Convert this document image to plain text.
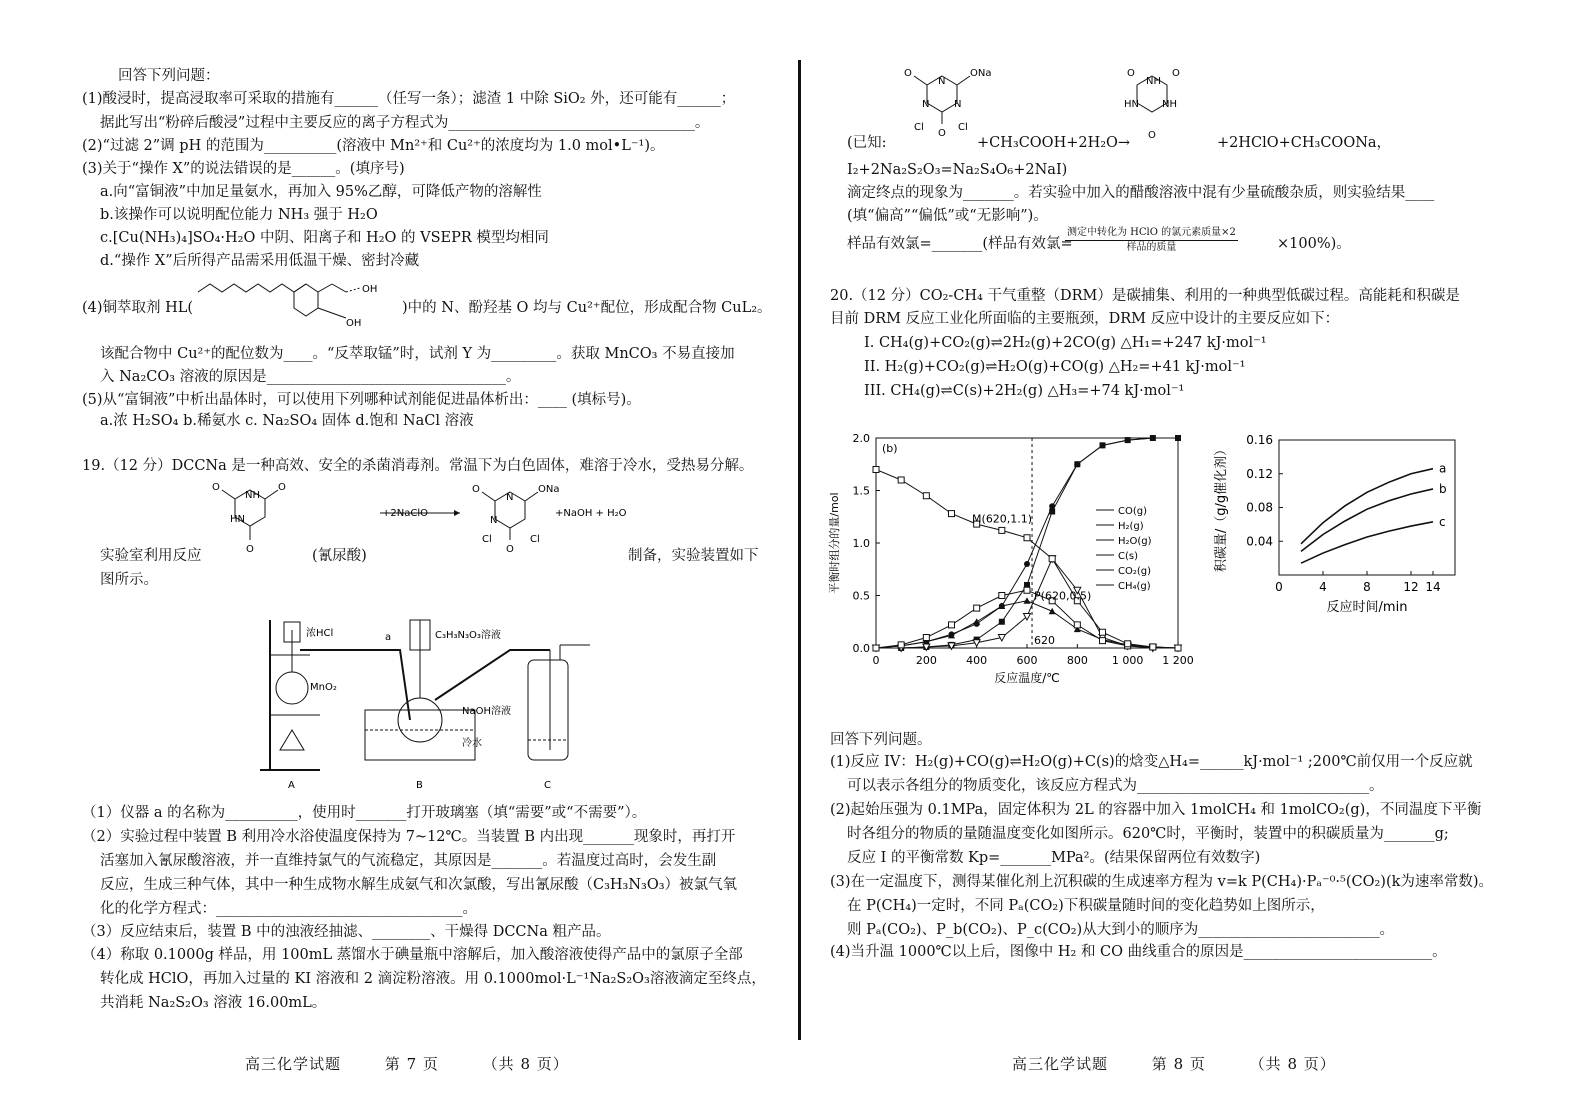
回答下列问题：
(1)酸浸时，提高浸取率可采取的措施有______（任写一条）；滤渣 1 中除 SiO₂ 外，还可能有______；
据此写出“粉碎后酸浸”过程中主要反应的离子方程式为__________________________________。
(2)“过滤 2”调 pH 的范围为__________(溶液中 Mn²⁺和 Cu²⁺的浓度均为 1.0 mol•L⁻¹)。
(3)关于“操作 X”的说法错误的是______。(填序号)
a.向“富铜液”中加足量氨水，再加入 95%乙醇，可降低产物的溶解性
b.该操作可以说明配位能力 NH₃ 强于 H₂O
c.[Cu(NH₃)₄]SO₄·H₂O 中阴、阳离子和 H₂O 的 VSEPR 模型均相同
d.“操作 X”后所得产品需采用低温干燥、密封冷藏
(4)铜萃取剂 HL(
OH
OH
)中的 N、酚羟基 O 均与 Cu²⁺配位，形成配合物 CuL₂。
该配合物中 Cu²⁺的配位数为____。“反萃取锰”时，试剂 Y 为_________。获取 MnCO₃ 不易直接加
入 Na₂CO₃ 溶液的原因是_________________________________。
(5)从“富铜液”中析出晶体时，可以使用下列哪种试剂能促进晶体析出：____ (填标号)。
a.浓 H₂SO₄ b.稀氨水 c. Na₂SO₄ 固体 d.饱和 NaCl 溶液
19.（12 分）DCCNa 是一种高效、安全的杀菌消毒剂。常温下为白色固体，难溶于冷水，受热易分解。
NH
HN
O	O
O
+2NaClO
N
N
O	ONa
O
Cl	Cl
+NaOH + H₂O
实验室利用反应	(氰尿酸)	制备，实验装置如下
图所示。
浓HCl
MnO₂
A
a	C₃H₃N₃O₃溶液
NaOH溶液
冷水
B	C
（1）仪器 a 的名称为__________，使用时_______打开玻璃塞（填“需要”或“不需要”）。
（2）实验过程中装置 B 利用冷水浴使温度保持为 7~12℃。当装置 B 内出现_______现象时，再打开
活塞加入氰尿酸溶液，并一直维持氯气的气流稳定，其原因是_______。若温度过高时，会发生副
反应，生成三种气体，其中一种生成物水解生成氨气和次氯酸，写出氰尿酸（C₃H₃N₃O₃）被氯气氧
化的化学方程式：__________________________________。
（3）反应结束后，装置 B 中的浊液经抽滤、________、干燥得 DCCNa 粗产品。
（4）称取 0.1000g 样品，用 100mL 蒸馏水于碘量瓶中溶解后，加入酸溶液使得产品中的氯原子全部
转化成 HClO，再加入过量的 KI 溶液和 2 滴淀粉溶液。用 0.1000mol·L⁻¹Na₂S₂O₃溶液滴定至终点，
共消耗 Na₂S₂O₃ 溶液 16.00mL。
高三化学试题	第 7 页	（共 8 页）
N
N N
O	ONa
O
Cl	Cl
NH
HN NH
O	O
O
(已知:	+CH₃COOH+2H₂O→	+2HClO+CH₃COONa，
I₂+2Na₂S₂O₃=Na₂S₄O₆+2NaI)
滴定终点的现象为_______。若实验中加入的醋酸溶液中混有少量硫酸杂质，则实验结果____
(填“偏高”“偏低”或“无影响”)。
样品有效氯=_______(样品有效氯=
测定中转化为 HClO 的氯元素质量×2
样品的质量	×100%)。
20.（12 分）CO₂-CH₄ 干气重整（DRM）是碳捕集、利用的一种典型低碳过程。高能耗和积碳是
目前 DRM 反应工业化所面临的主要瓶颈，DRM 反应中设计的主要反应如下：
I. CH₄(g)+CO₂(g)⇌2H₂(g)+2CO(g) △H₁=+247 kJ·mol⁻¹
II. H₂(g)+CO₂(g)⇌H₂O(g)+CO(g) △H₂=+41 kJ·mol⁻¹
III. CH₄(g)⇌C(s)+2H₂(g) △H₃=+74 kJ·mol⁻¹
0	200	400	600	800 1 000 1 200
0.0
0.5
1.0
1.5
2.0
(b)
反应温度/℃
平衡时组分的量/mol	CO(g)
H₂(g)
H₂O(g)
C(s)
CO₂(g)
CH₄(g)
M(620,1.1)
P(620,0.5)
620
0	4	8	12 14
0.04
0.08
0.12
0.16
反应时间/min
积碳量/（g/g催化剂）	a
b
c
回答下列问题。
(1)反应 IV：H₂(g)+CO(g)⇌H₂O(g)+C(s)的焓变△H₄=______kJ·mol⁻¹ ;200℃前仅用一个反应就
可以表示各组分的物质变化，该反应方程式为________________________________。
(2)起始压强为 0.1MPa，固定体积为 2L 的容器中加入 1molCH₄ 和 1molCO₂(g)，不同温度下平衡
时各组分的物质的量随温度变化如图所示。620℃时，平衡时，装置中的积碳质量为_______g;
反应 I 的平衡常数 Kp=_______MPa²。(结果保留两位有效数字)
(3)在一定温度下，测得某催化剂上沉积碳的生成速率方程为 v=k P(CH₄)·Pₐ⁻⁰·⁵(CO₂)(k为速率常数)。
在 P(CH₄)一定时，不同 Pₐ(CO₂)下积碳量随时间的变化趋势如上图所示，
则 Pₐ(CO₂)、P_b(CO₂)、P_c(CO₂)从大到小的顺序为_________________________。
(4)当升温 1000℃以上后，图像中 H₂ 和 CO 曲线重合的原因是__________________________。
高三化学试题	第 8 页	（共 8 页）
